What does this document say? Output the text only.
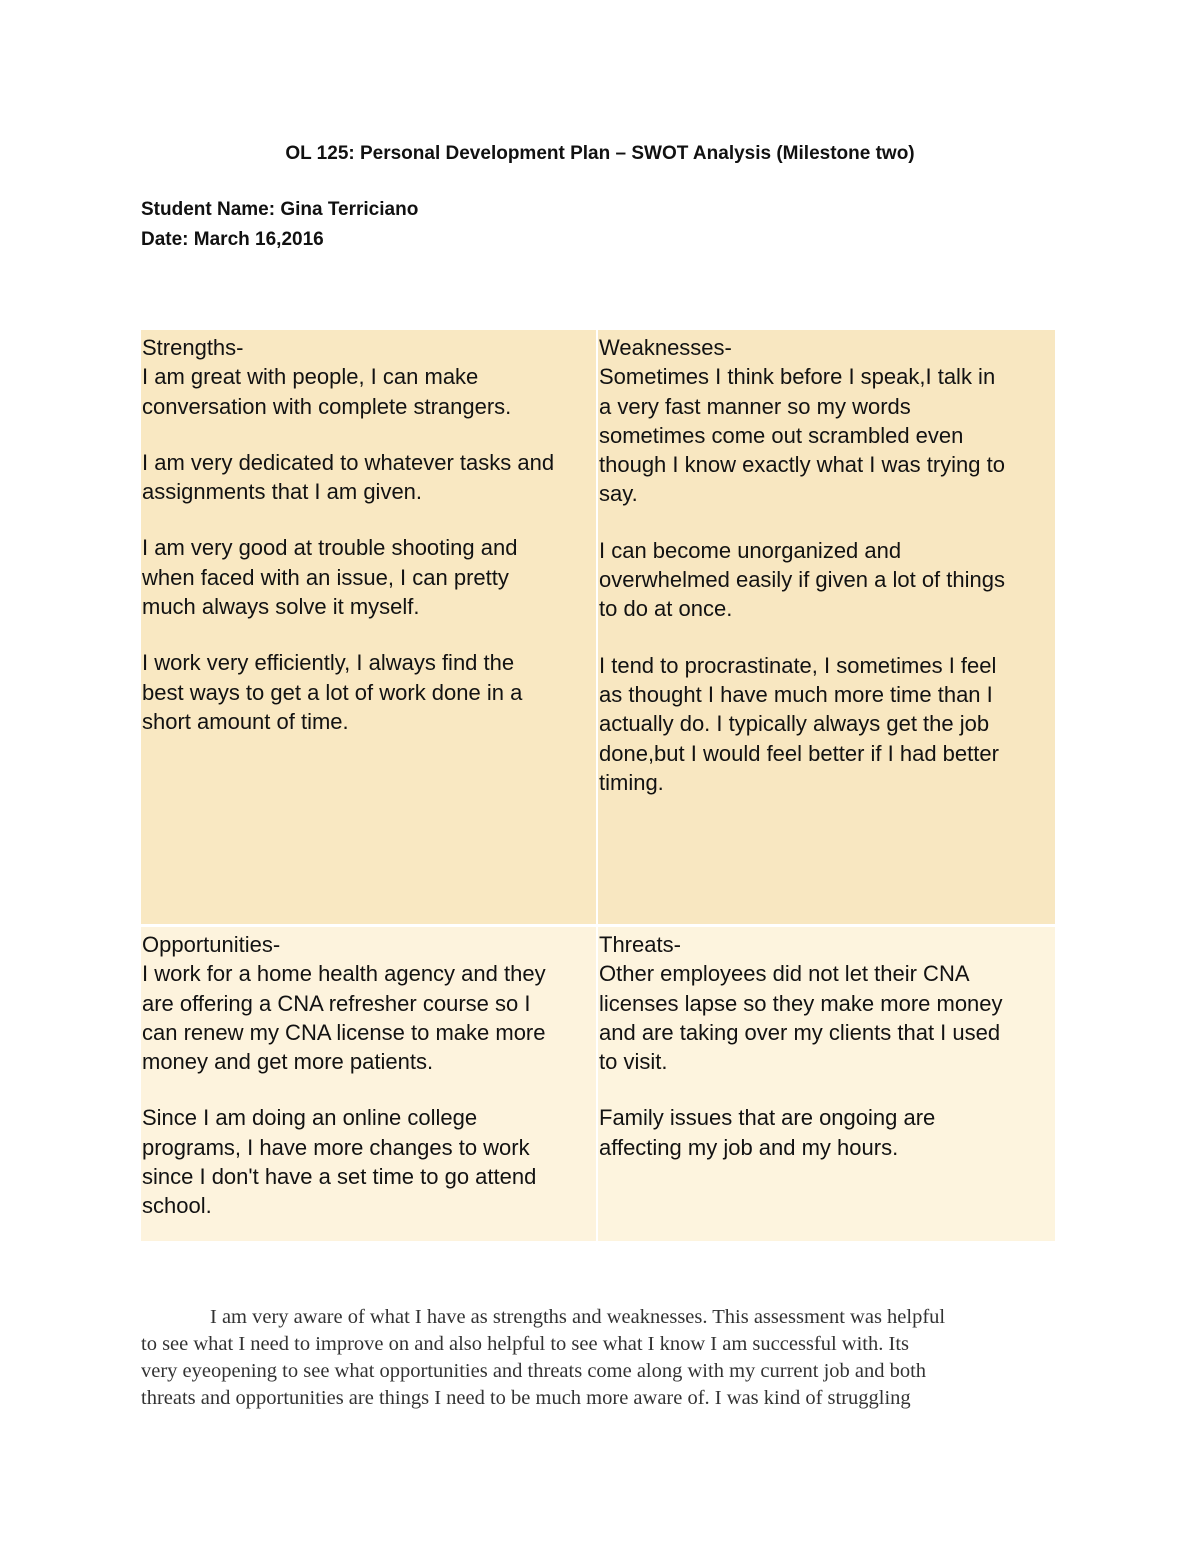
OL 125: Personal Development Plan – SWOT Analysis (Milestone two)
Student Name: Gina Terriciano
Date: March 16,2016
Strengths-
I am great with people, I can make
conversation with complete strangers.
I am very dedicated to whatever tasks and
assignments that I am given.
I am very good at trouble shooting and
when faced with an issue, I can pretty
much always solve it myself.
I work very efficiently, I always find the
best ways to get a lot of work done in a
short amount of time.
Weaknesses-
Sometimes I think before I speak,I talk in
a very fast manner so my words
sometimes come out scrambled even
though I know exactly what I was trying to
say.
I can become unorganized and
overwhelmed easily if given a lot of things
to do at once.
I tend to procrastinate, I sometimes I feel
as thought I have much more time than I
actually do. I typically always get the job
done,but I would feel better if I had better
timing.
Opportunities-
I work for a home health agency and they
are offering a CNA refresher course so I
can renew my CNA license to make more
money and get more patients.
Since I am doing an online college
programs, I have more changes to work
since I don't have a set time to go attend
school.
Threats-
Other employees did not let their CNA
licenses lapse so they make more money
and are taking over my clients that I used
to visit.
Family issues that are ongoing are
affecting my job and my hours.
I am very aware of what I have as strengths and weaknesses. This assessment was helpful
to see what I need to improve on and also helpful to see what I know I am successful with. Its
very eyeopening to see what opportunities and threats come along with my current job and both
threats and opportunities are things I need to be much more aware of. I was kind of struggling
